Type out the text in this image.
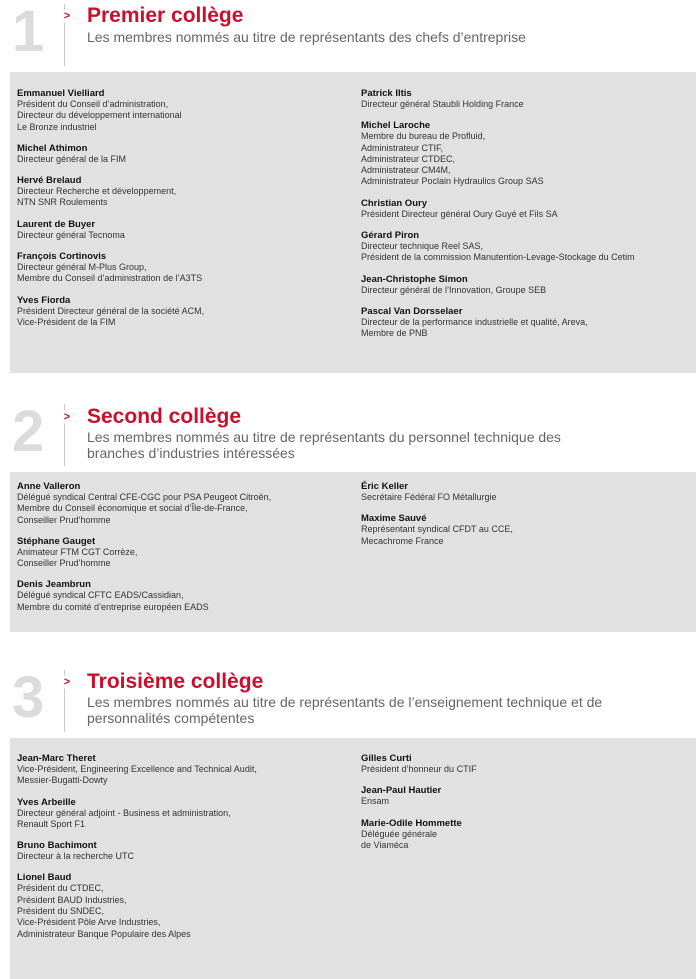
1	> Premier collège

Les membres nommés au titre de représentants des chefs d’entreprise

Emmanuel Vielliard
Président du Conseil d’administration,
Directeur du développement international
Le Bronze industriel
Michel Athimon
Directeur général de la FIM
Hervé Brelaud
Directeur Recherche et développement,
NTN SNR Roulements
Laurent de Buyer
Directeur général Tecnoma
François Cortinovis
Directeur général M-Plus Group,
Membre du Conseil d’administration de l’A3TS
Yves Fiorda
Président Directeur général de la société ACM,
Vice-Président de la FIM
Patrick Iltis
Directeur général Staubli Holding France
Michel Laroche
Membre du bureau de Profluid,
Administrateur CTIF,
Administrateur CTDEC,
Administrateur CM4M,
Administrateur Poclain Hydraulics Group SAS
Christian Oury
Président Directeur général Oury Guyé et Fils SA
Gérard Piron
Directeur technique Reel SAS,
Président de la commission Manutention-Levage-Stockage du Cetim
Jean-Christophe Simon
Directeur général de l’Innovation, Groupe SEB
Pascal Van Dorsselaer
Directeur de la performance industrielle et qualité, Areva,
Membre de PNB
2	> Second collège

Les membres nommés au titre de représentants du personnel technique des branches d’industries intéressées

Anne Valleron
Délégué syndical Central CFE-CGC pour PSA Peugeot Citroën,
Membre du Conseil économique et social d’Île-de-France,
Conseiller Prud’homme
Stéphane Gauget
Animateur FTM CGT Corrèze,
Conseiller Prud’homme
Denis Jeambrun
Délégué syndical CFTC EADS/Cassidian,
Membre du comité d’entreprise européen EADS
Éric Keller
Secrétaire Fédéral FO Métallurgie
Maxime Sauvé
Représentant syndical CFDT au CCE,
Mecachrome France
3	> Troisième collège

Les membres nommés au titre de représentants de l’enseignement technique et de personnalités compétentes

Jean-Marc Theret
Vice-Président, Engineering Excellence and Technical Audit,
Messier-Bugatti-Dowty
Yves Arbeille
Directeur général adjoint - Business et administration,
Renault Sport F1
Bruno Bachimont
Directeur à la recherche UTC
Lionel Baud
Président du CTDEC,
Président BAUD Industries,
Président du SNDEC,
Vice-Président Pôle Arve Industries,
Administrateur Banque Populaire des Alpes
Gilles Curti
Président d’honneur du CTIF
Jean-Paul Hautier
Ensam
Marie-Odile Hommette
Déléguée générale
de Viaméca
